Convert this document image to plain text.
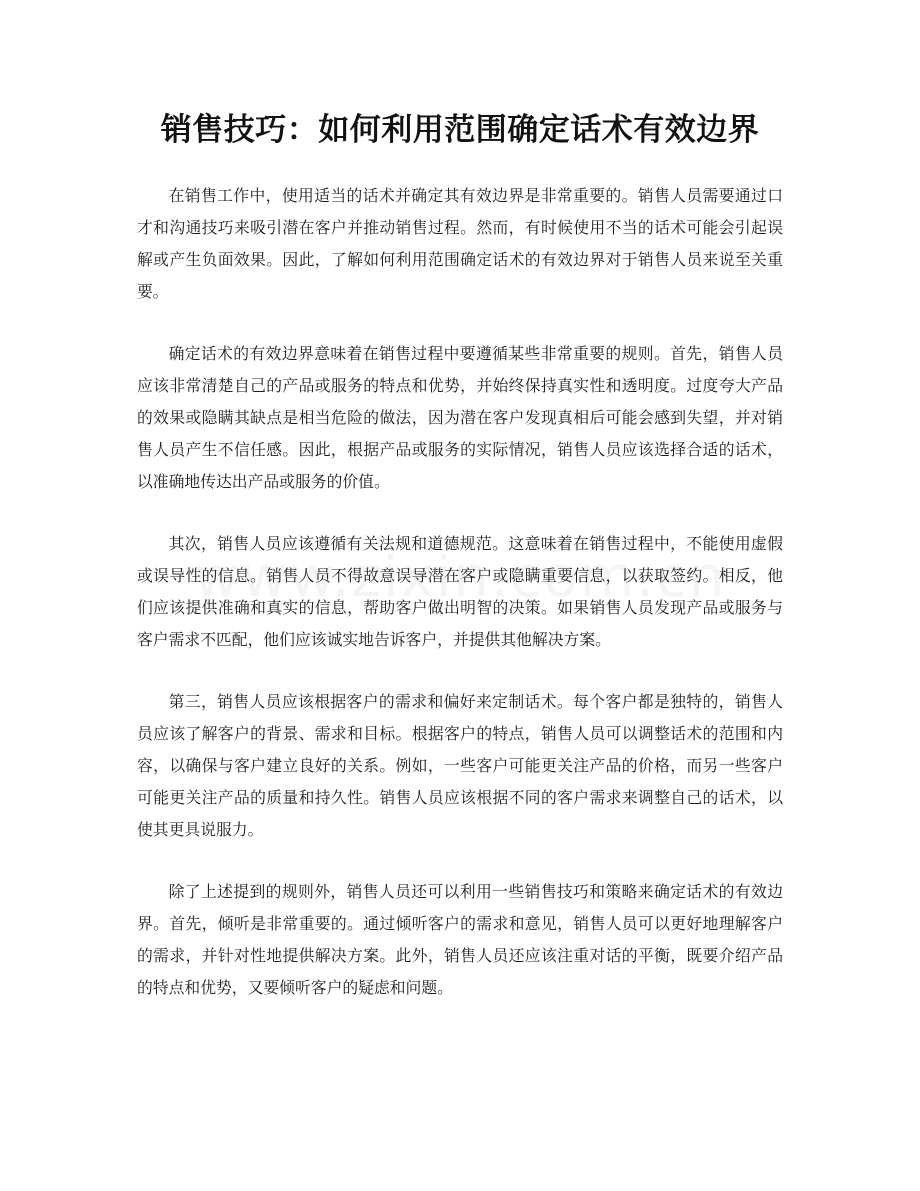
销售技巧：如何利用范围确定话术有效边界

在销售工作中，使用适当的话术并确定其有效边界是非常重要的。销售人员需要通过口才和沟通技巧来吸引潜在客户并推动销售过程。然而，有时候使用不当的话术可能会引起误解或产生负面效果。因此，了解如何利用范围确定话术的有效边界对于销售人员来说至关重要。

确定话术的有效边界意味着在销售过程中要遵循某些非常重要的规则。首先，销售人员应该非常清楚自己的产品或服务的特点和优势，并始终保持真实性和透明度。过度夸大产品的效果或隐瞒其缺点是相当危险的做法，因为潜在客户发现真相后可能会感到失望，并对销售人员产生不信任感。因此，根据产品或服务的实际情况，销售人员应该选择合适的话术，以准确地传达出产品或服务的价值。

其次，销售人员应该遵循有关法规和道德规范。这意味着在销售过程中，不能使用虚假或误导性的信息。销售人员不得故意误导潜在客户或隐瞒重要信息，以获取签约。相反，他们应该提供准确和真实的信息，帮助客户做出明智的决策。如果销售人员发现产品或服务与客户需求不匹配，他们应该诚实地告诉客户，并提供其他解决方案。

第三，销售人员应该根据客户的需求和偏好来定制话术。每个客户都是独特的，销售人员应该了解客户的背景、需求和目标。根据客户的特点，销售人员可以调整话术的范围和内容，以确保与客户建立良好的关系。例如，一些客户可能更关注产品的价格，而另一些客户可能更关注产品的质量和持久性。销售人员应该根据不同的客户需求来调整自己的话术，以使其更具说服力。

除了上述提到的规则外，销售人员还可以利用一些销售技巧和策略来确定话术的有效边界。首先，倾听是非常重要的。通过倾听客户的需求和意见，销售人员可以更好地理解客户的需求，并针对性地提供解决方案。此外，销售人员还应该注重对话的平衡，既要介绍产品的特点和优势，又要倾听客户的疑虑和问题。
